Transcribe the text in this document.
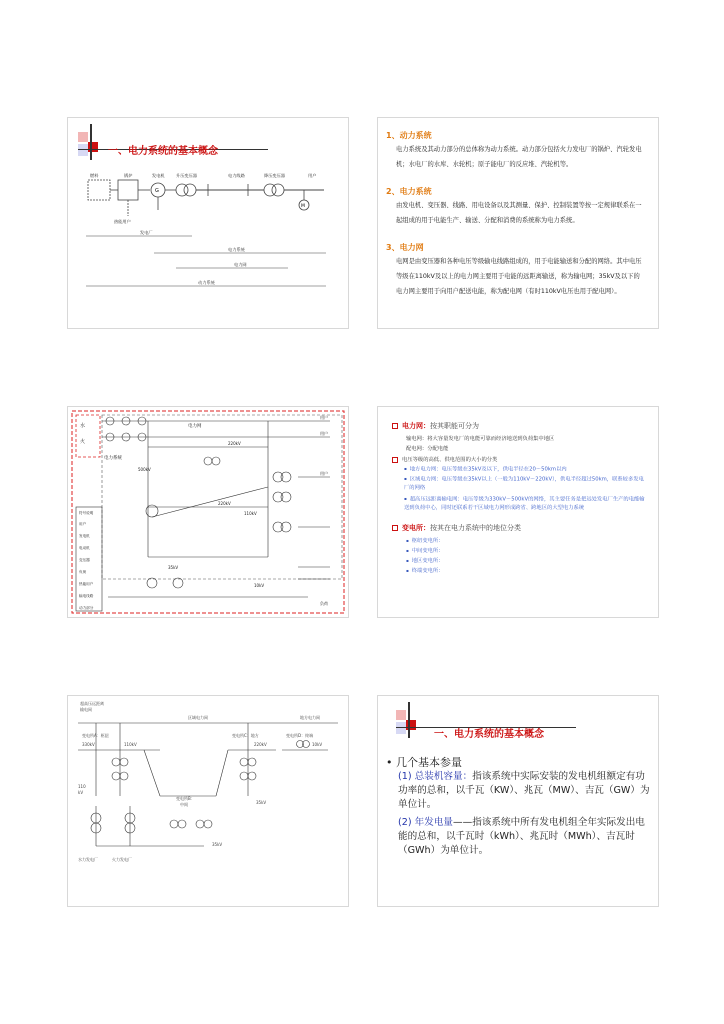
一、电力系统的基本概念
燃料	锅炉	发电机	升压变压器	电力线路	降压变压器	用户
热能用户
G
M
发电厂
电力系统
电力网
动力系统
1、动力系统
电力系统及其动力部分的总体称为动力系统。动力部分包括火力发电厂的锅炉、汽轮发电机；水电厂的水库、水轮机；原子能电厂的反应堆、汽轮机等。
2、电力系统
由发电机、变压器、线路、用电设备以及其测量、保护、控制装置等按一定规律联系在一起组成的用于电能生产、输送、分配和消费的系统称为电力系统。
3、电力网
电网是由变压器和各种电压等级输电线路组成的，用于电能输送和分配的网络。其中电压等级在110kV及以上的电力网主要用于电能的远距离输送，称为输电网；35kV及以下的电力网主要用于向用户配送电能，称为配电网（有时110kV电压也用于配电网）。
水
火
电力网
电力系统
220kV
500kV
220kV
110kV
35kV
10kV
用户
用户
用户
负荷
符号说明
用户
发电机
电动机
变压器
负荷
热能用户
输电线路
动力部分
电力网：按其职能可分为
输电网：将大容量发电厂的电能可靠而经济地送到负荷集中地区
配电网：分配电能
电压等级的高低、供电范围的大小的分类
▪ 地方电力网：电压等级在35kV及以下，供电半径在20～50km以内
▪ 区域电力网：电压等级在35kV以上（一般为110kV～220kV），供电半径超过50km，联系较多发电厂的网络
▪ 超高压远距离输电网：电压等级为330kV～500kV的网络，其主要任务是把远处发电厂生产的电能输送到负荷中心，同时还联系若干区域电力网形成跨省、跨地区的大型电力系统
变电所：按其在电力系统中的地位分类
▪ 枢纽变电所：
▪ 中间变电所：
▪ 地区变电所：
▪ 终端变电所：
超高压远距离
输电网
区域电力网	地方电力网
变电所A：枢纽	变电所C：地方	变电所D：终端
330kV	110kV	220kV	10kV
110
kV
变电所B：
中间	35kV
35kV
水力发电厂	火力发电厂
一、电力系统的基本概念
• 几个基本参量
(1) 总装机容量：指该系统中实际安装的发电机组额定有功功率的总和，以千瓦（KW）、兆瓦（MW）、吉瓦（GW）为单位计。
(2) 年发电量——指该系统中所有发电机组全年实际发出电能的总和，以千瓦时（kWh）、兆瓦时（MWh）、吉瓦时（GWh）为单位计。
